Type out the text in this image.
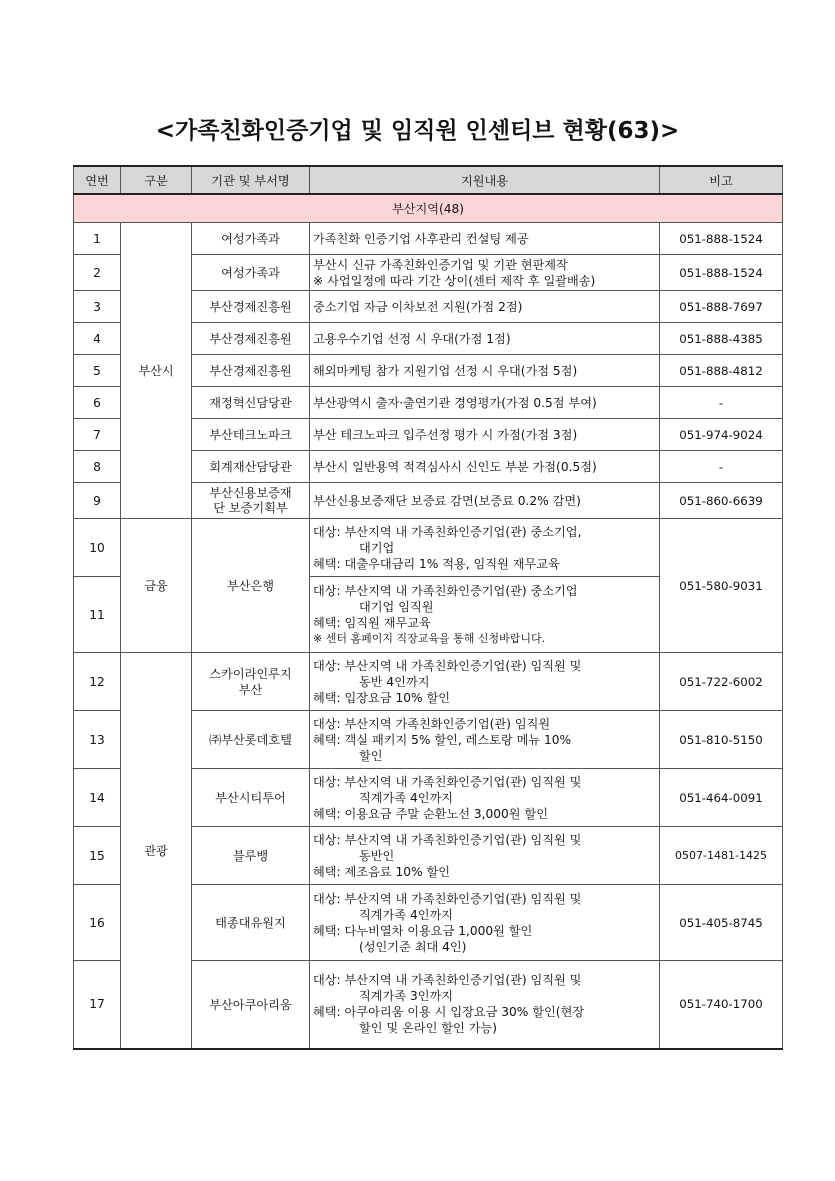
<가족친화인증기업 및 임직원 인센티브 현황(63)>
연번	구분	기관 및 부서명	지원내용	비고
부산지역(48)				
1	부산시	여성가족과	가족친화 인증기업 사후관리 컨설팅 제공	051-888-1524
2		여성가족과	부산시 신규 가족친화인증기업 및 기관 현판제작
※ 사업일정에 따라 기간 상이(센터 제작 후 일괄배송)	051-888-1524
3		부산경제진흥원	중소기업 자금 이차보전 지원(가점 2점)	051-888-7697
4		부산경제진흥원	고용우수기업 선정 시 우대(가점 1점)	051-888-4385
5		부산경제진흥원	해외마케팅 참가 지원기업 선정 시 우대(가점 5점)	051-888-4812
6		재정혁신담당관	부산광역시 출자·출연기관 경영평가(가점 0.5점 부여)	-
7		부산테크노파크	부산 테크노파크 입주선정 평가 시 가점(가점 3점)	051-974-9024
8		회계재산담당관	부산시 일반용역 적격심사시 신인도 부분 가점(0.5점)	-
9		부산신용보증재
단 보증기획부	부산신용보증재단 보증료 감면(보증료 0.2% 감면)	051-860-6639
10	금융	부산은행	대상: 부산지역 내 가족친화인증기업(관) 중소기업,
대기업
혜택: 대출우대금리 1% 적용, 임직원 재무교육	051-580-9031
11			대상: 부산지역 내 가족친화인증기업(관) 중소기업
대기업 임직원
혜택: 임직원 재무교육
※ 센터 홈페이지 직장교육을 통해 신청바랍니다.	

12	관광	스카이라인루지
부산	대상: 부산지역 내 가족친화인증기업(관) 임직원 및
동반 4인까지
혜택: 입장요금 10% 할인	051-722-6002
13		㈜부산롯데호텔	대상: 부산지역 가족친화인증기업(관) 임직원
혜택: 객실 패키지 5% 할인, 레스토랑 메뉴 10%
할인	051-810-5150
14		부산시티투어	대상: 부산지역 내 가족친화인증기업(관) 임직원 및
직계가족 4인까지
혜택: 이용요금 주말 순환노선 3,000원 할인	051-464-0091
15		블루뱅	대상: 부산지역 내 가족친화인증기업(관) 임직원 및
동반인
혜택: 제조음료 10% 할인	0507-1481-1425
16		태종대유원지	대상: 부산지역 내 가족친화인증기업(관) 임직원 및
직계가족 4인까지
혜택: 다누비열차 이용요금 1,000원 할인
(성인기준 최대 4인)	051-405-8745
17		부산아쿠아리움	대상: 부산지역 내 가족친화인증기업(관) 임직원 및
직계가족 3인까지
혜택: 아쿠아리움 이용 시 입장요금 30% 할인(현장
할인 및 온라인 할인 가능)	051-740-1700
